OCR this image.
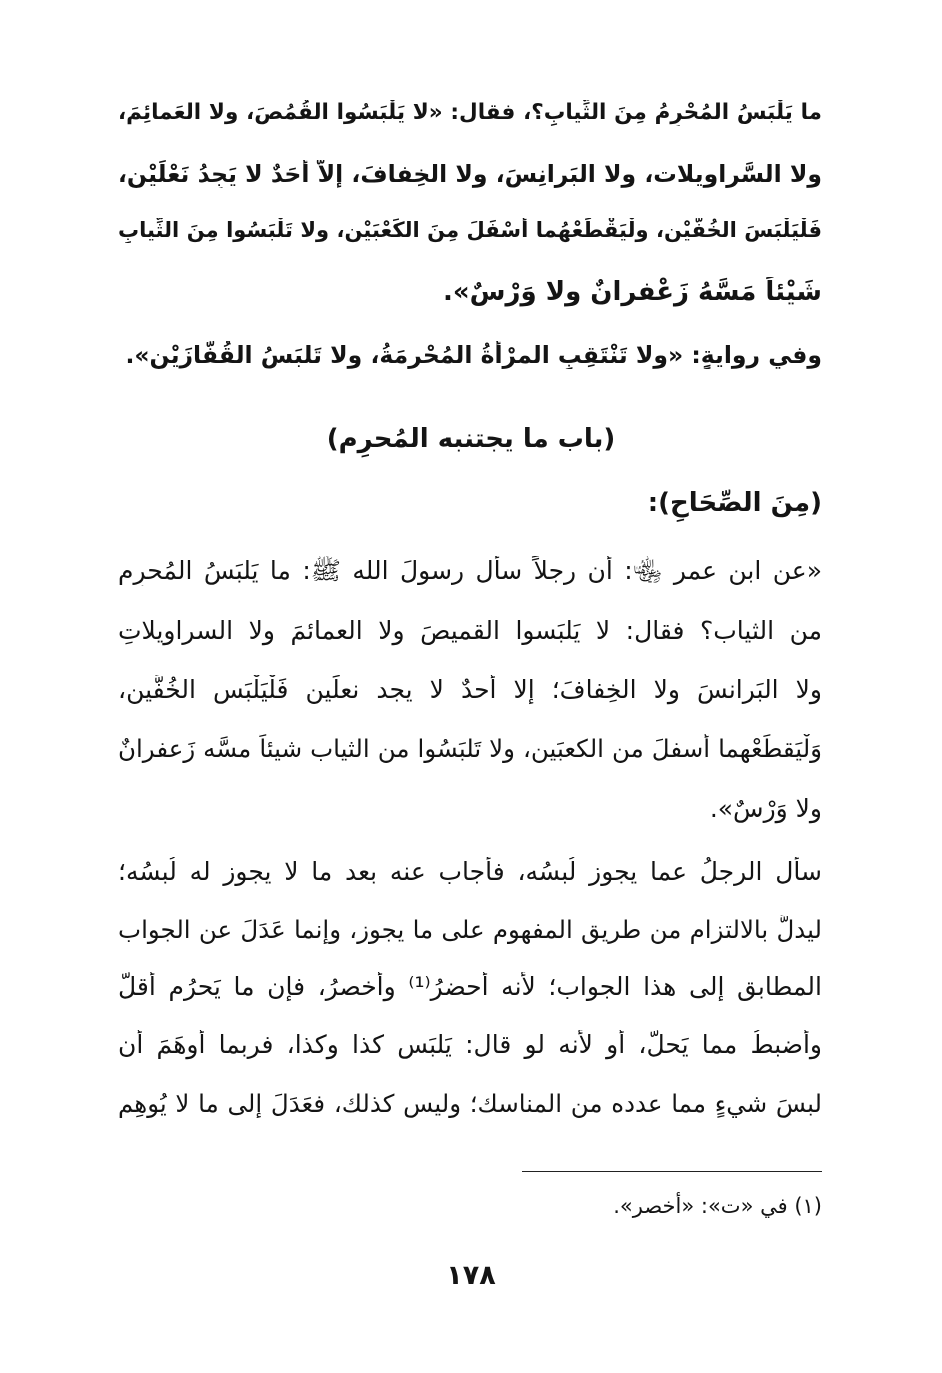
ما يَلْبَسُ المُحْرِمُ مِنَ الثِّيابِ؟، فقال: «لا يَلْبَسُوا القُمُصَ، ولا العَمائِمَ،
ولا السَّراويلات، ولا البَرانِسَ، ولا الخِفافَ، إلاَّ أَحَدٌ لا يَجِدُ نَعْلَيْنِ،
فَلْيَلْبَسَ الخُفَّيْنِ، ولْيَقْطَعْهُما أسْفَلَ مِنَ الكَعْبَيْنِ، ولا تَلْبَسُوا مِنَ الثِّيابِ
شَيْئاً مَسَّهُ زَعْفرانٌ ولا وَرْسٌ».
وفي روايةٍ: «ولا تَنْتَقِبِ المرْأَةُ المُحْرِمَةُ، ولا تَلبَسُ القُفَّازَيْنِ».
(باب ما يجتنبه المُحرِم)
(مِنَ الصِّحَاحِ):
«عن ابن عمر ﵄: أن رجلاً سأل رسولَ الله ﷺ: ما يَلبَسُ المُحرِم
من الثياب؟ فقال: لا يَلبَسوا القميصَ ولا العمائمَ ولا السراويلاتِ
ولا البَرانسَ ولا الخِفافَ؛ إلا أحدٌ لا يجد نعلَينِ فَلْيَلْبَسِ الخُفَّينِ،
وَلْيَقطَعْهما أسفلَ من الكعبَينِ، ولا تَلبَسُوا من الثياب شيئاً مسَّه زَعفرانٌ
ولا وَرْسٌ».
سأل الرجلُ عما يجوز لُبسُه، فأجاب عنه بعد ما لا يجوز له لُبسُه؛
ليدلَّ بالالتزام من طريق المفهوم على ما يجوز، وإنما عَدَلَ عن الجواب
المطابق إلى هذا الجواب؛ لأنه أحضرُ⁽¹⁾ وأخصرُ، فإن ما يَحرُم أقلُّ
وأضبطُ مما يَحلُّ، أو لأنه لو قال: يَلبَس كذا وكذا، فربما أَوهَمَ أن
لبسَ شيءٍ مما عدده من المناسك؛ وليس كذلك، فعَدَلَ إلى ما لا يُوهِم
(١) في «ت»: «أخصر».
١٧٨
